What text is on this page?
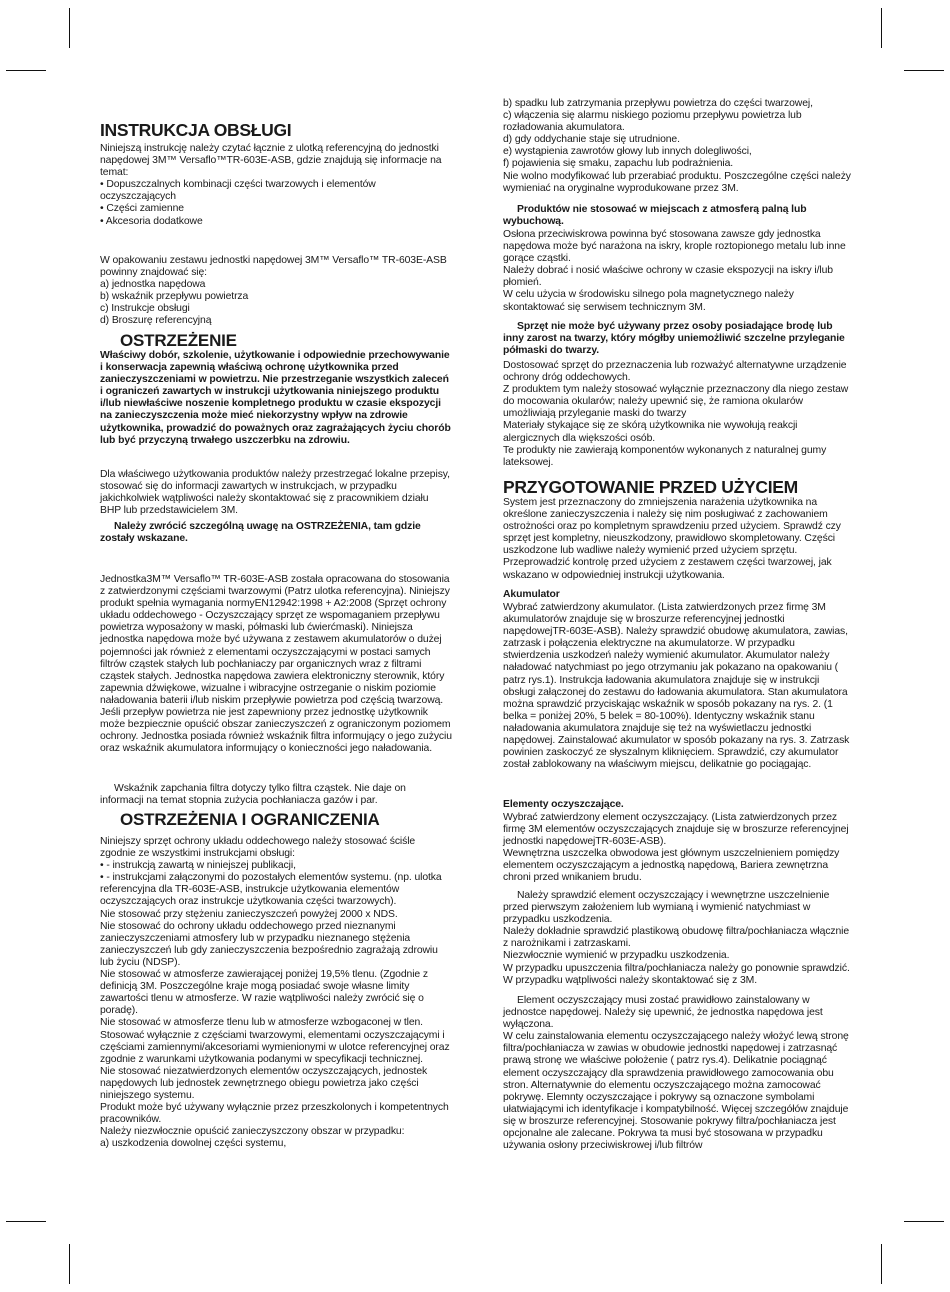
INSTRUKCJA OBSŁUGI

Niniejszą instrukcję należy czytać łącznie z ulotką referencyjną do jednostki napędowej 3M™ Versaflo™TR-603E-ASB, gdzie znajdują się informacje na temat:
• Dopuszczalnych kombinacji części twarzowych i elementów oczyszczających
• Części zamienne
• Akcesoria dodatkowe

W opakowaniu zestawu jednostki napędowej 3M™ Versaflo™ TR-603E-ASB powinny znajdować się:
a) jednostka napędowa
b) wskaźnik przepływu powietrza
c) Instrukcje obsługi
d) Broszurę referencyjną

OSTRZEŻENIE

Właściwy dobór, szkolenie, użytkowanie i odpowiednie przechowywanie i konserwacja zapewnią właściwą ochronę użytkownika przed zanieczyszczeniami w powietrzu. Nie przestrzeganie wszystkich zaleceń i ograniczeń zawartych w instrukcji użytkowania niniejszego produktu i/lub niewłaściwe noszenie kompletnego produktu w czasie ekspozycji na zanieczyszczenia może mieć niekorzystny wpływ na zdrowie użytkownika, prowadzić do poważnych oraz zagrażających życiu chorób lub być przyczyną trwałego uszczerbku na zdrowiu.

Dla właściwego użytkowania produktów należy przestrzegać lokalne przepisy, stosować się do informacji zawartych w instrukcjach, w przypadku jakichkolwiek wątpliwości należy skontaktować się z pracownikiem działu BHP lub przedstawicielem 3M.

Należy zwrócić szczególną uwagę na OSTRZEŻENIA, tam gdzie zostały wskazane.

Jednostka3M™ Versaflo™ TR-603E-ASB została opracowana do stosowania z zatwierdzonymi częściami twarzowymi (Patrz ulotka referencyjna). Niniejszy produkt spełnia wymagania normyEN12942:1998 + A2:2008 (Sprzęt ochrony układu oddechowego - Oczyszczający sprzęt ze wspomaganiem przepływu powietrza wyposażony w maski, półmaski lub ćwierćmaski). Niniejsza jednostka napędowa może być używana z zestawem akumulatorów o dużej pojemności jak również z elementami oczyszczającymi w postaci samych filtrów cząstek stałych lub pochłaniaczy par organicznych wraz z filtrami cząstek stałych. Jednostka napędowa zawiera elektroniczny sterownik, który zapewnia dźwiękowe, wizualne i wibracyjne ostrzeganie o niskim poziomie naładowania baterii i/lub niskim przepływie powietrza pod częścią twarzową. Jeśli przepływ powietrza nie jest zapewniony przez jednostkę użytkownik może bezpiecznie opuścić obszar zanieczyszczeń z ograniczonym poziomem ochrony. Jednostka posiada również wskaźnik filtra informujący o jego zużyciu oraz wskaźnik akumulatora informujący o konieczności jego naładowania.

Wskaźnik zapchania filtra dotyczy tylko filtra cząstek. Nie daje on informacji na temat stopnia zużycia pochłaniacza gazów i par.

OSTRZEŻENIA I OGRANICZENIA

Niniejszy sprzęt ochrony układu oddechowego należy stosować ściśle zgodnie ze wszystkimi instrukcjami obsługi:
• - instrukcją zawartą w niniejszej publikacji,
• - instrukcjami załączonymi do pozostałych elementów systemu. (np. ulotka referencyjna dla TR-603E-ASB, instrukcje użytkowania elementów oczyszczających oraz instrukcje użytkowania części twarzowych).
Nie stosować przy stężeniu zanieczyszczeń powyżej 2000 x NDS.
Nie stosować do ochrony układu oddechowego przed nieznanymi zanieczyszczeniami atmosfery lub w przypadku nieznanego stężenia zanieczyszczeń lub gdy zanieczyszczenia bezpośrednio zagrażają zdrowiu lub życiu (NDSP).
Nie stosować w atmosferze zawierającej poniżej 19,5% tlenu. (Zgodnie z definicją 3M. Poszczególne kraje mogą posiadać swoje własne limity zawartości tlenu w atmosferze. W razie wątpliwości należy zwrócić się o poradę).
Nie stosować w atmosferze tlenu lub w atmosferze wzbogaconej w tlen.
Stosować wyłącznie z częściami twarzowymi, elementami oczyszczającymi i częściami zamiennymi/akcesoriami wymienionymi w ulotce referencyjnej oraz zgodnie z warunkami użytkowania podanymi w specyfikacji technicznej.
Nie stosować niezatwierdzonych elementów oczyszczających, jednostek napędowych lub jednostek zewnętrznego obiegu powietrza jako części niniejszego systemu.
Produkt może być używany wyłącznie przez przeszkolonych i kompetentnych pracowników.
Należy niezwłocznie opuścić zanieczyszczony obszar w przypadku:
a) uszkodzenia dowolnej części systemu,

b) spadku lub zatrzymania przepływu powietrza do części twarzowej,
c) włączenia się alarmu niskiego poziomu przepływu powietrza lub rozładowania akumulatora.
d) gdy oddychanie staje się utrudnione.
e) wystąpienia zawrotów głowy lub innych dolegliwości,
f) pojawienia się smaku, zapachu lub podrażnienia.
Nie wolno modyfikować lub przerabiać produktu. Poszczególne części należy wymieniać na oryginalne wyprodukowane przez 3M.

Produktów nie stosować w miejscach z atmosferą palną lub wybuchową.

Osłona przeciwiskrowa powinna być stosowana zawsze gdy jednostka napędowa może być narażona na iskry, krople roztopionego metalu lub inne gorące cząstki.
Należy dobrać i nosić właściwe ochrony w czasie ekspozycji na iskry i/lub płomień.
W celu użycia w środowisku silnego pola magnetycznego należy skontaktować się serwisem technicznym 3M.

Sprzęt nie może być używany przez osoby posiadające brodę lub inny zarost na twarzy, który mógłby uniemożliwić szczelne przyleganie półmaski do twarzy.

Dostosować sprzęt do przeznaczenia lub rozważyć alternatywne urządzenie ochrony dróg oddechowych.
Z produktem tym należy stosować wyłącznie przeznaczony dla niego zestaw do mocowania okularów; należy upewnić się, że ramiona okularów umożliwiają przyleganie maski do twarzy
Materiały stykające się ze skórą użytkownika nie wywołują reakcji alergicznych dla większości osób.
Te produkty nie zawierają komponentów wykonanych z naturalnej gumy lateksowej.

PRZYGOTOWANIE PRZED UŻYCIEM

System jest przeznaczony do zmniejszenia narażenia użytkownika na określone zanieczyszczenia i należy się nim posługiwać z zachowaniem ostrożności oraz po kompletnym sprawdzeniu przed użyciem. Sprawdź czy sprzęt jest kompletny, nieuszkodzony, prawidłowo skompletowany. Części uszkodzone lub wadliwe należy wymienić przed użyciem sprzętu. Przeprowadzić kontrolę przed użyciem z zestawem części twarzowej, jak wskazano w odpowiedniej instrukcji użytkowania.

Akumulator

Wybrać zatwierdzony akumulator. (Lista zatwierdzonych przez firmę 3M akumulatorów znajduje się w broszurze referencyjnej jednostki napędowejTR-603E-ASB). Należy sprawdzić obudowę akumulatora, zawias, zatrzask i połączenia elektryczne na akumulatorze. W przypadku stwierdzenia uszkodzeń należy wymienić akumulator. Akumulator należy naładować natychmiast po jego otrzymaniu jak pokazano na opakowaniu ( patrz rys.1). Instrukcja ładowania akumulatora znajduje się w instrukcji obsługi załączonej do zestawu do ładowania akumulatora. Stan akumulatora można sprawdzić przyciskając wskaźnik w sposób pokazany na rys. 2. (1 belka = poniżej 20%, 5 belek = 80-100%). Identyczny wskaźnik stanu naładowania akumulatora znajduje się też na wyświetlaczu jednostki napędowej. Zainstalować akumulator w sposób pokazany na rys. 3. Zatrzask powinien zaskoczyć ze słyszalnym kliknięciem. Sprawdzić, czy akumulator został zablokowany na właściwym miejscu, delikatnie go pociągając.

Elementy oczyszczające.

Wybrać zatwierdzony element oczyszczający. (Lista zatwierdzonych przez firmę 3M elementów oczyszczających znajduje się w broszurze referencyjnej jednostki napędowejTR-603E-ASB).
Wewnętrzna uszczelka obwodowa jest głównym uszczelnieniem pomiędzy elementem oczyszczającym a jednostką napędową, Bariera zewnętrzna chroni przed wnikaniem brudu.

Należy sprawdzić element oczyszczający i wewnętrzne uszczelnienie przed pierwszym założeniem lub wymianą i wymienić natychmiast w przypadku uszkodzenia.
Należy dokładnie sprawdzić plastikową obudowę filtra/pochłaniacza włącznie z narożnikami i zatrzaskami.
Niezwłocznie wymienić w przypadku uszkodzenia.
W przypadku upuszczenia filtra/pochłaniacza należy go ponownie sprawdzić. W przypadku wątpliwości należy skontaktować się z 3M.

Element oczyszczający musi zostać prawidłowo zainstalowany w jednostce napędowej. Należy się upewnić, że jednostka napędowa jest wyłączona.
W celu zainstalowania elementu oczyszczającego należy włożyć lewą stronę filtra/pochłaniacza w zawias w obudowie jednostki napędowej i zatrzasnąć prawą stronę we właściwe położenie ( patrz rys.4). Delikatnie pociągnąć element oczyszczający dla sprawdzenia prawidłowego zamocowania obu stron. Alternatywnie do elementu oczyszczającego można zamocować pokrywę. Elemnty oczyszczające i pokrywy są oznaczone symbolami ułatwiającymi ich identyfikacje i kompatybilność. Więcej szczegółów znajduje się w broszurze referencyjnej. Stosowanie pokrywy filtra/pochłaniacza jest opcjonalne ale zalecane. Pokrywa ta musi być stosowana w przypadku używania osłony przeciwiskrowej i/lub filtrów
